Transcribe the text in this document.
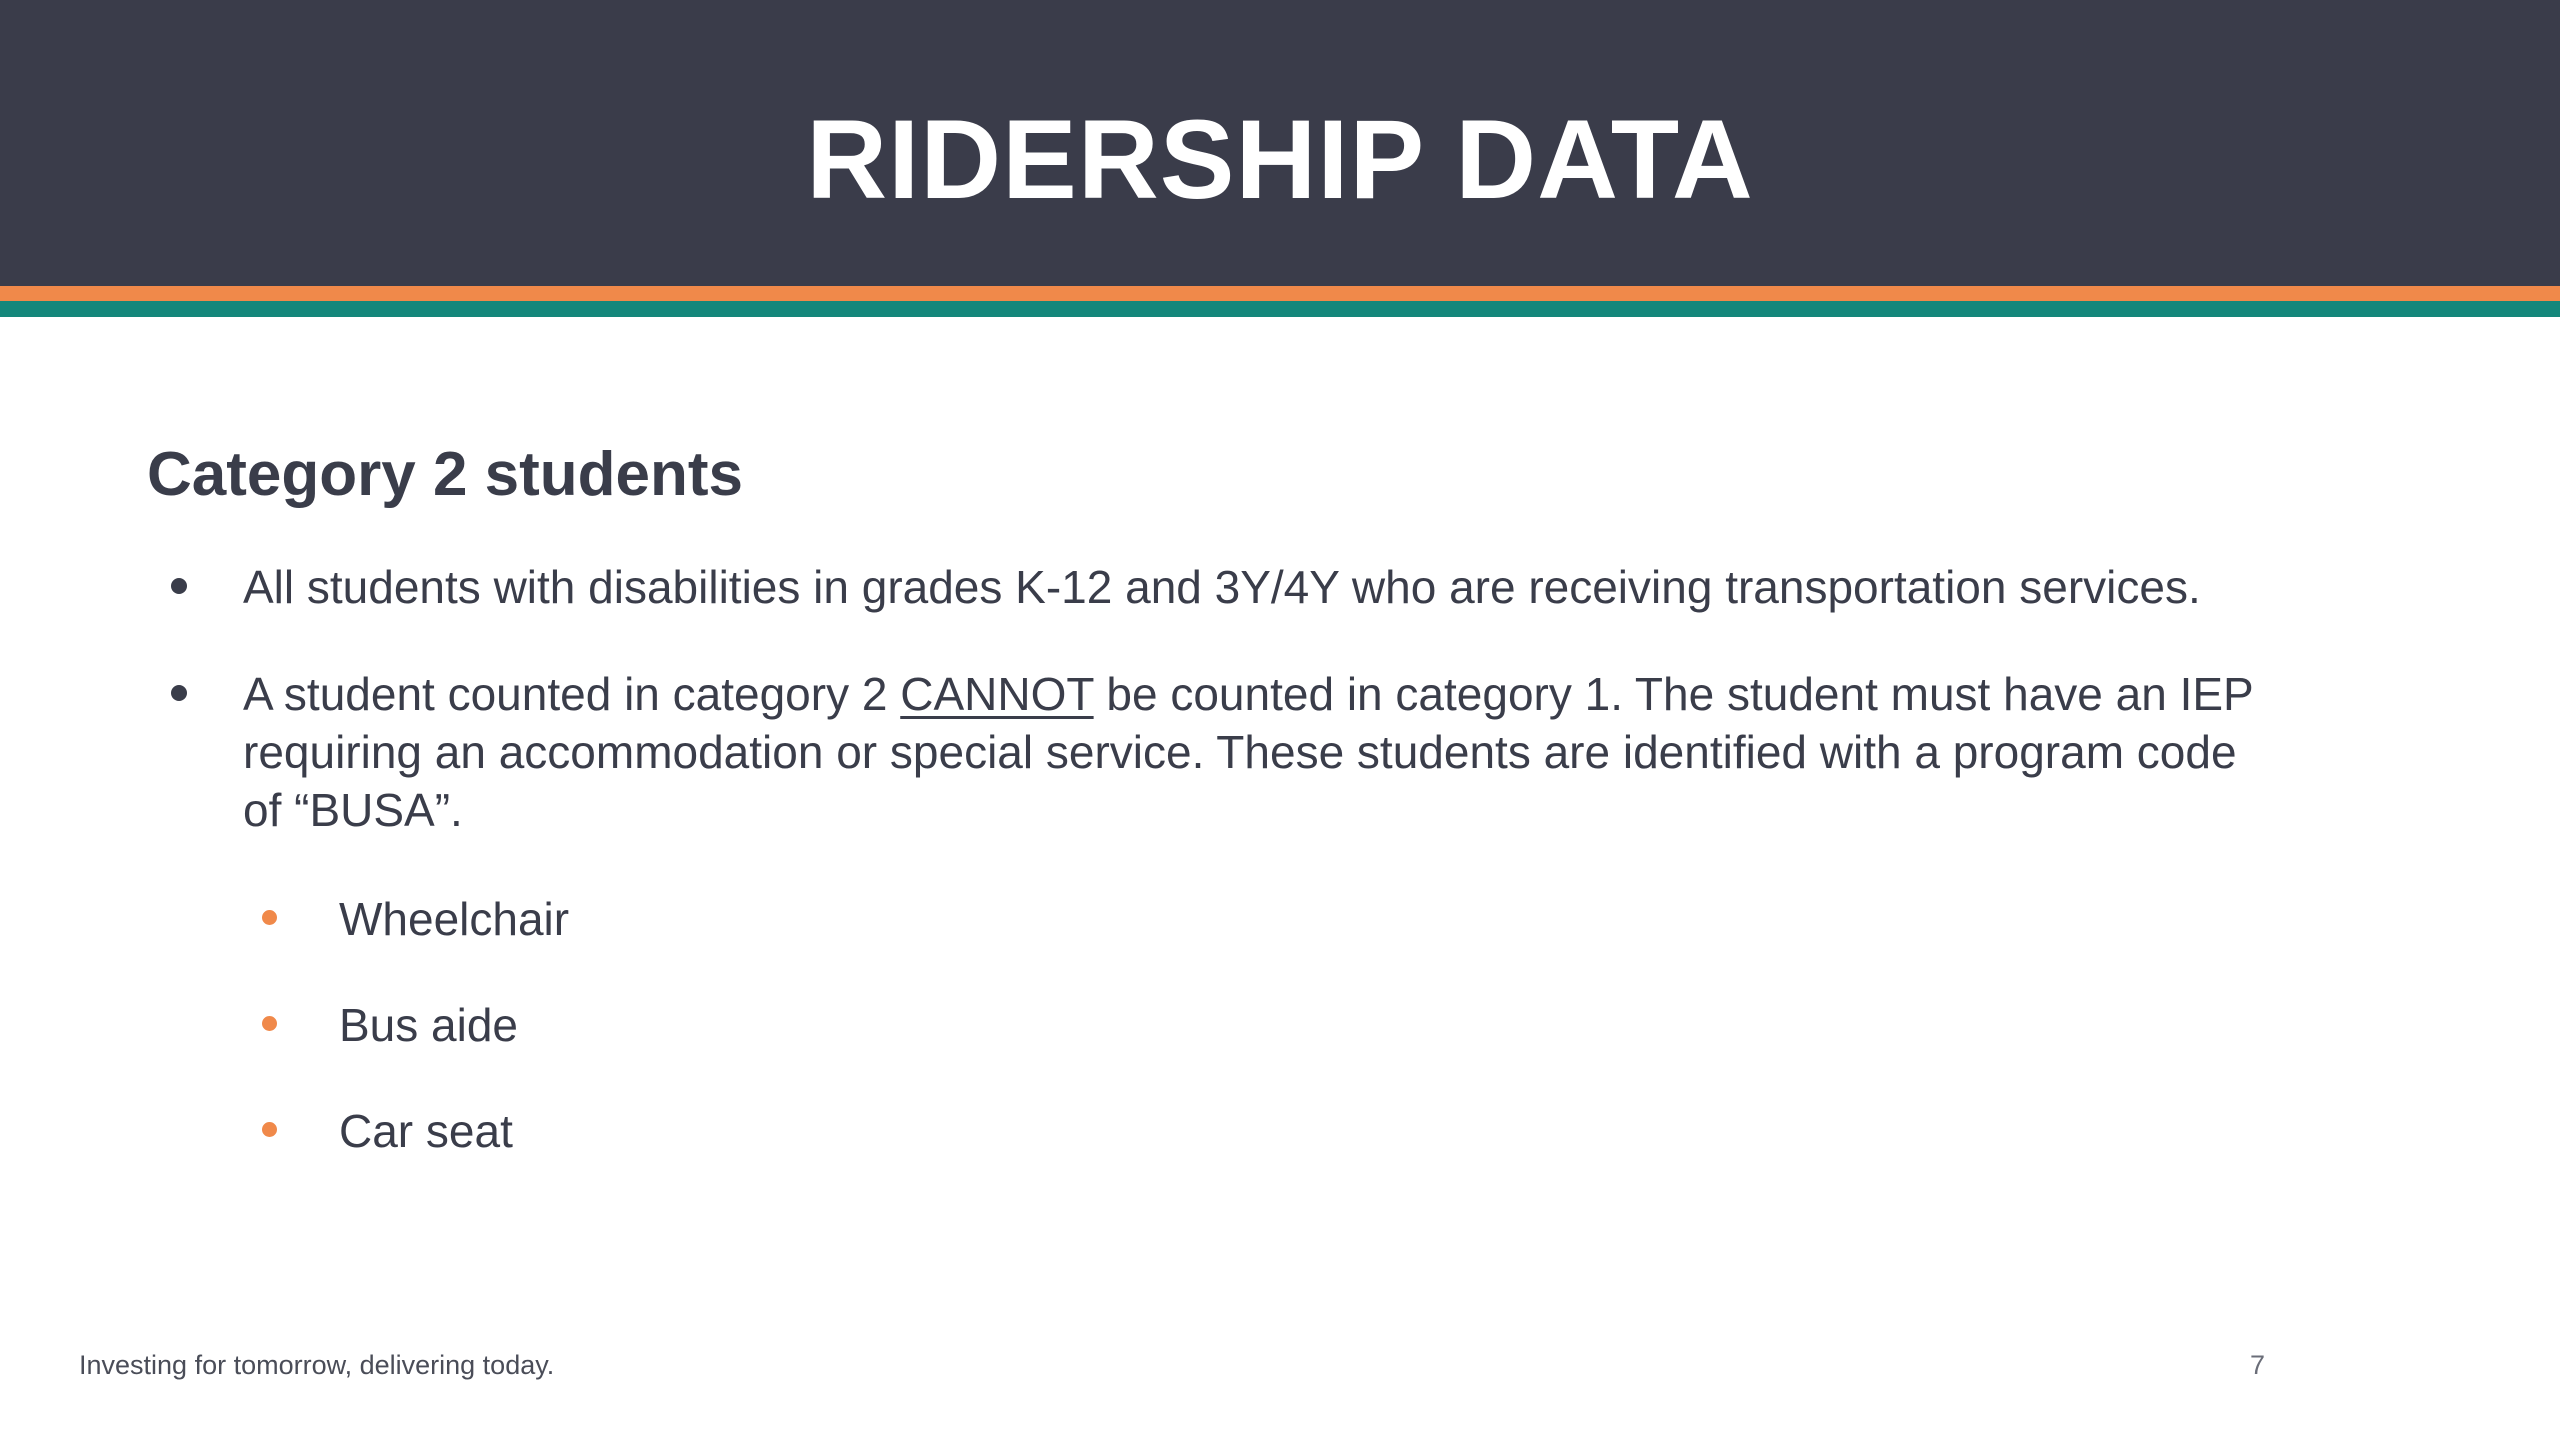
RIDERSHIP DATA
Category 2 students
All students with disabilities in grades K-12 and 3Y/4Y who are receiving transportation services.
A student counted in category 2 CANNOT be counted in category 1. The student must have an IEP
requiring an accommodation or special service. These students are identified with a program code
of “BUSA”.
Wheelchair
Bus aide
Car seat
Investing for tomorrow, delivering today.	7
